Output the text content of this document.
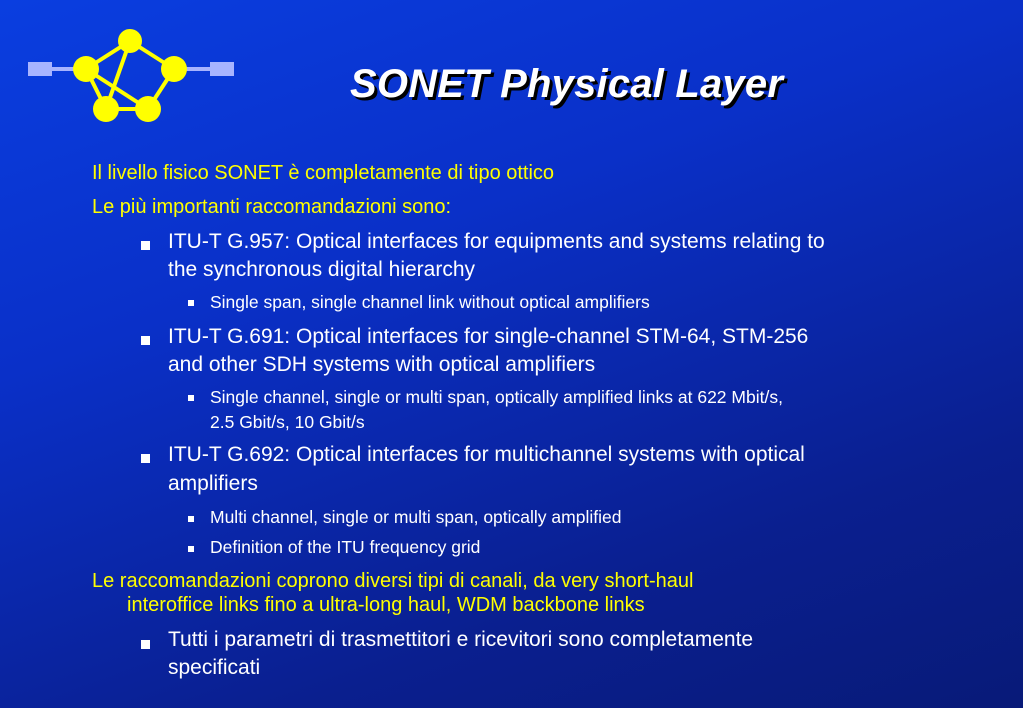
SONET Physical Layer

Il livello fisico SONET è completamente di tipo ottico

Le più importanti raccomandazioni sono:

ITU-T G.957: Optical interfaces for equipments and systems relating to

the synchronous digital hierarchy

Single span, single channel link without optical amplifiers

ITU-T G.691: Optical interfaces for single-channel STM-64, STM-256

and other SDH systems with optical amplifiers

Single channel, single or multi span, optically amplified links at 622 Mbit/s,

2.5 Gbit/s, 10 Gbit/s

ITU-T G.692: Optical interfaces for multichannel systems with optical

amplifiers

Multi channel, single or multi span, optically amplified

Definition of the ITU frequency grid

Le raccomandazioni coprono diversi tipi di canali, da very short-haul

interoffice links fino a ultra-long haul, WDM backbone links

Tutti i parametri di trasmettitori e ricevitori sono completamente

specificati
